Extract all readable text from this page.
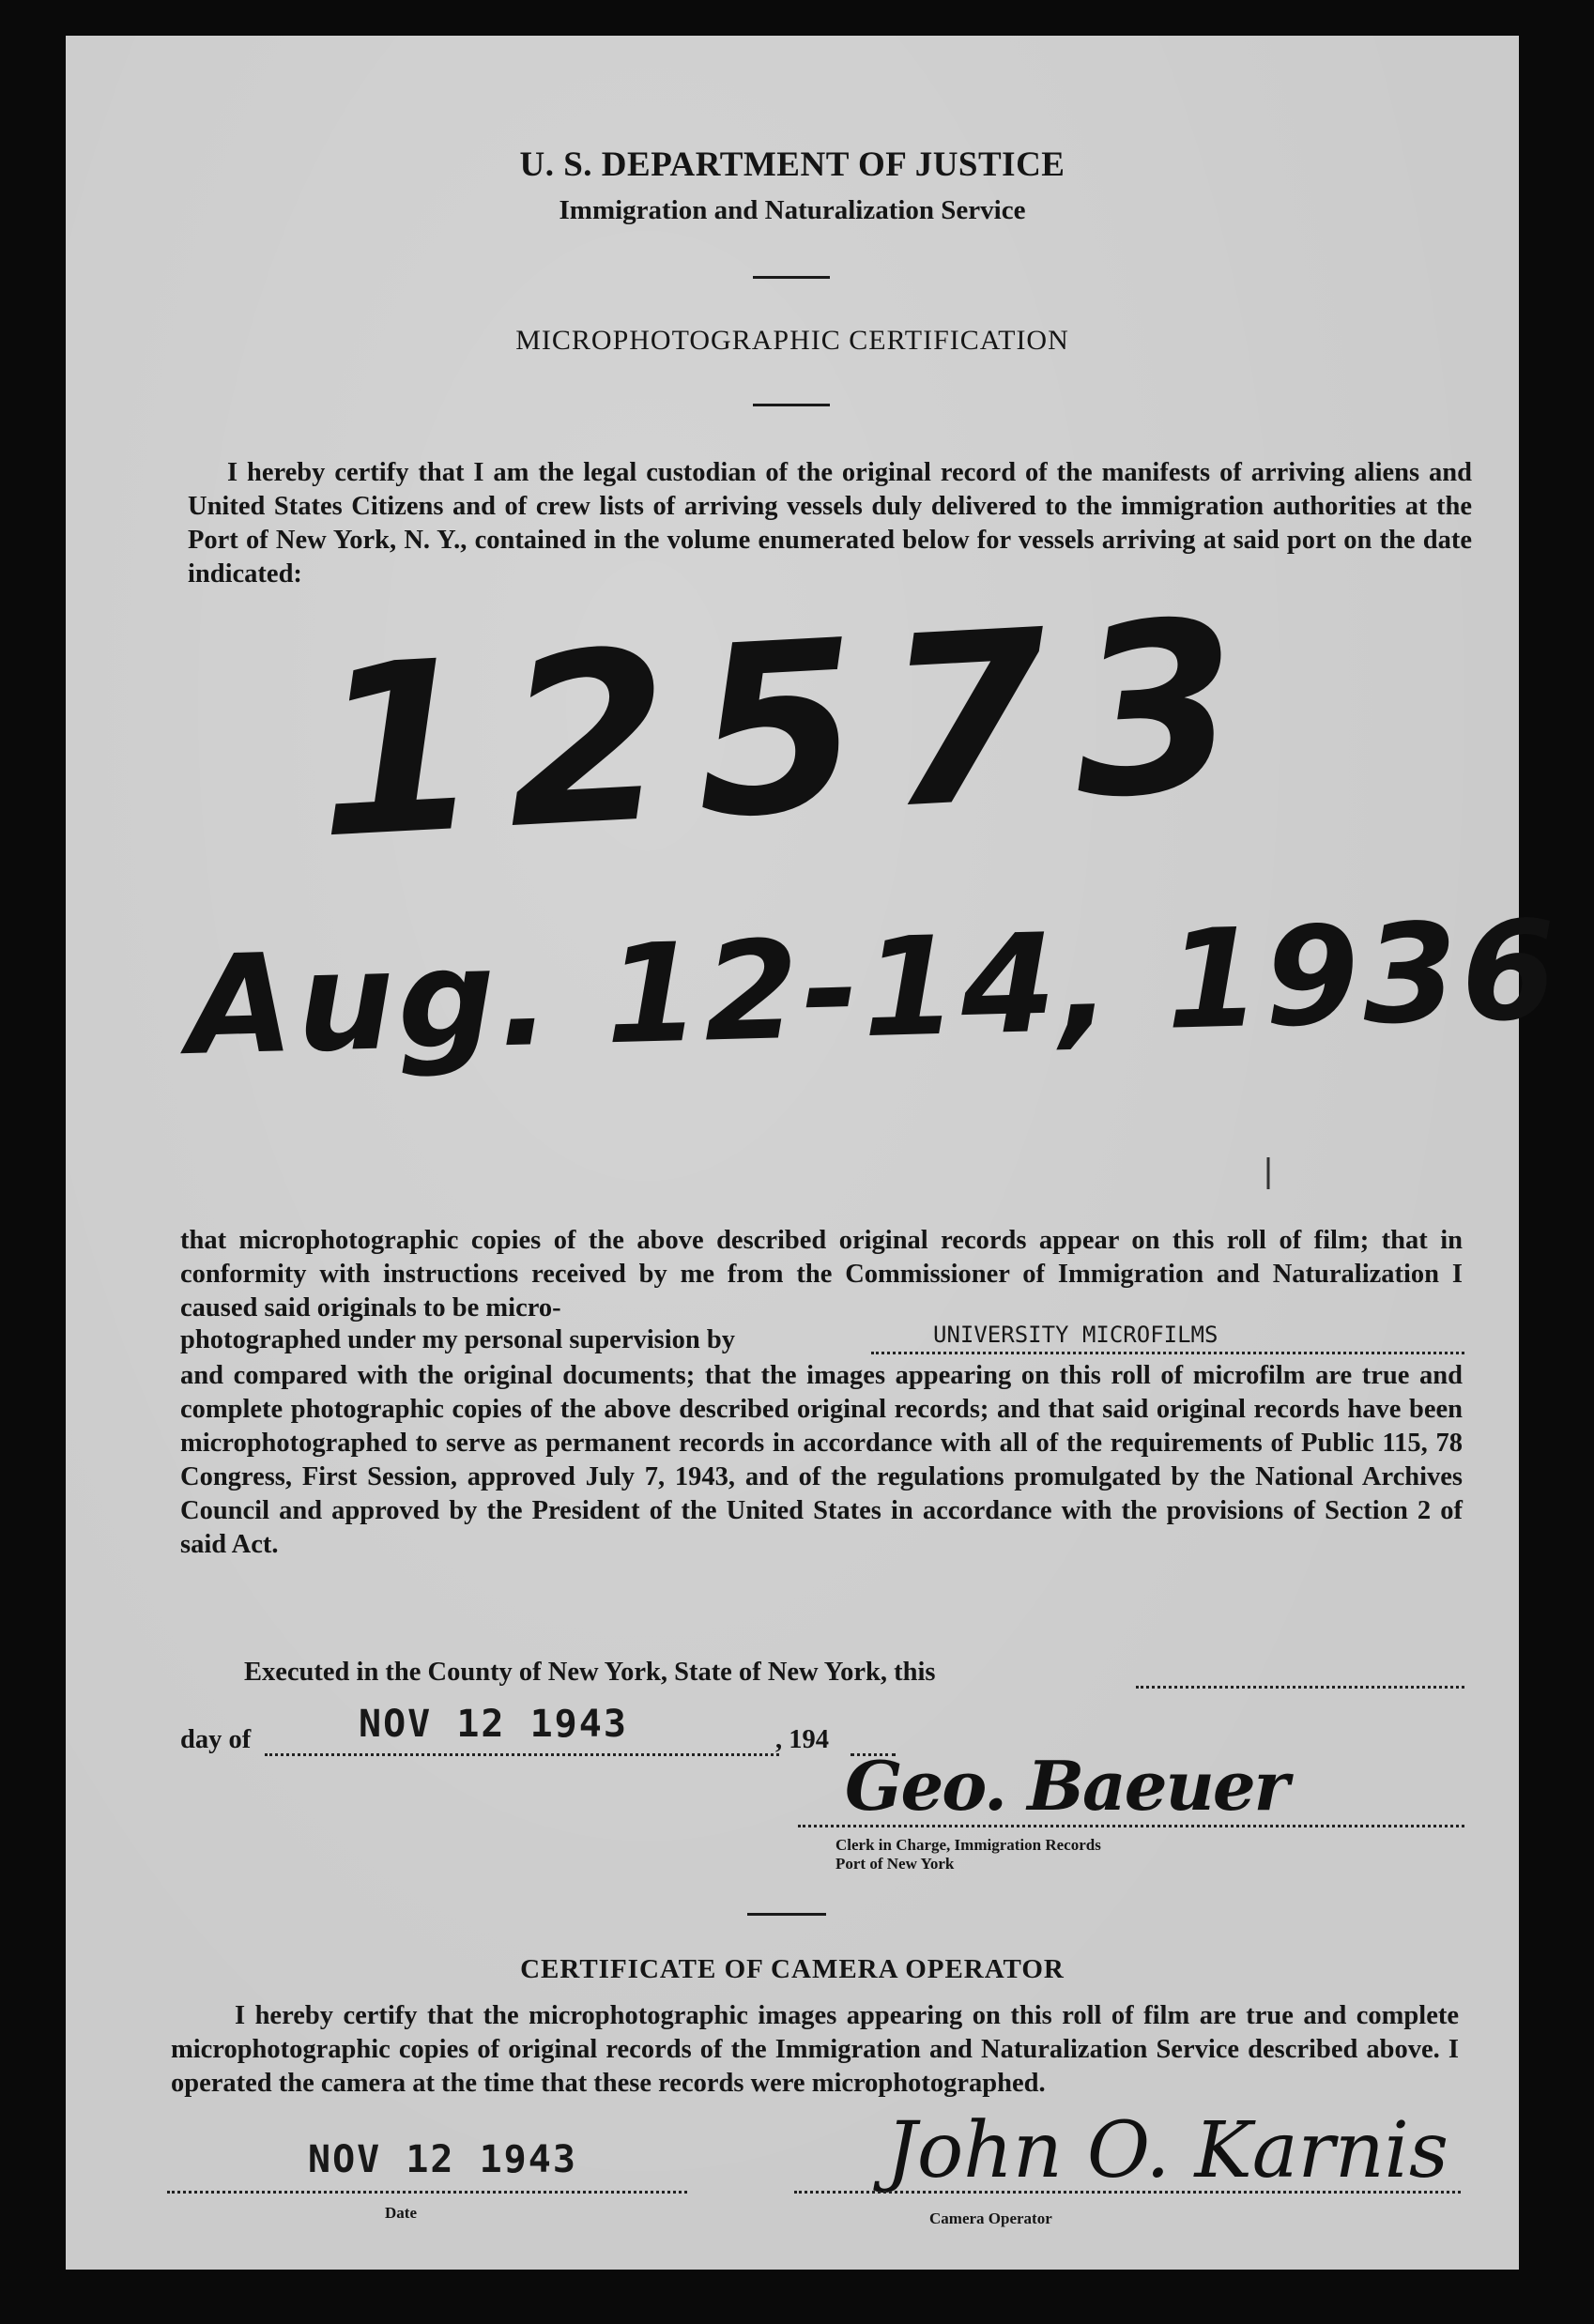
U. S. DEPARTMENT OF JUSTICE
Immigration and Naturalization Service
MICROPHOTOGRAPHIC CERTIFICATION

I hereby certify that I am the legal custodian of the original record of the manifests of arriving aliens and United States Citizens and of crew lists of arriving vessels duly delivered to the immigration authorities at the Port of New York, N. Y., contained in the volume enumerated below for vessels arriving at said port on the date indicated: 12573
Aug. 12-14, 1936

that microphotographic copies of the above described original records appear on this roll of film; that in conformity with instructions received by me from the Commissioner of Immigration and Naturalization I caused said originals to be micro-

photographed under my personal supervision by	UNIVERSITY MICROFILMS

and compared with the original documents; that the images appearing on this roll of microfilm are true and complete photographic copies of the above described original records; and that said original records have been microphotographed to serve as permanent records in accordance with all of the requirements of Public 115, 78 Congress, First Session, approved July 7, 1943, and of the regulations promulgated by the National Archives Council and approved by the President of the United States in accordance with the provisions of Section 2 of said Act.

Executed in the County of New York, State of New York, this
day of	NOV 12 1943	, 194
Geo. Baeuer
Clerk in Charge, Immigration Records
Port of New York
CERTIFICATE OF CAMERA OPERATOR

I hereby certify that the microphotographic images appearing on this roll of film are true and complete microphotographic copies of original records of the Immigration and Naturalization Service described above. I operated the camera at the time that these records were microphotographed.

NOV 12 1943
Date
John O. Karnis
Camera Operator
